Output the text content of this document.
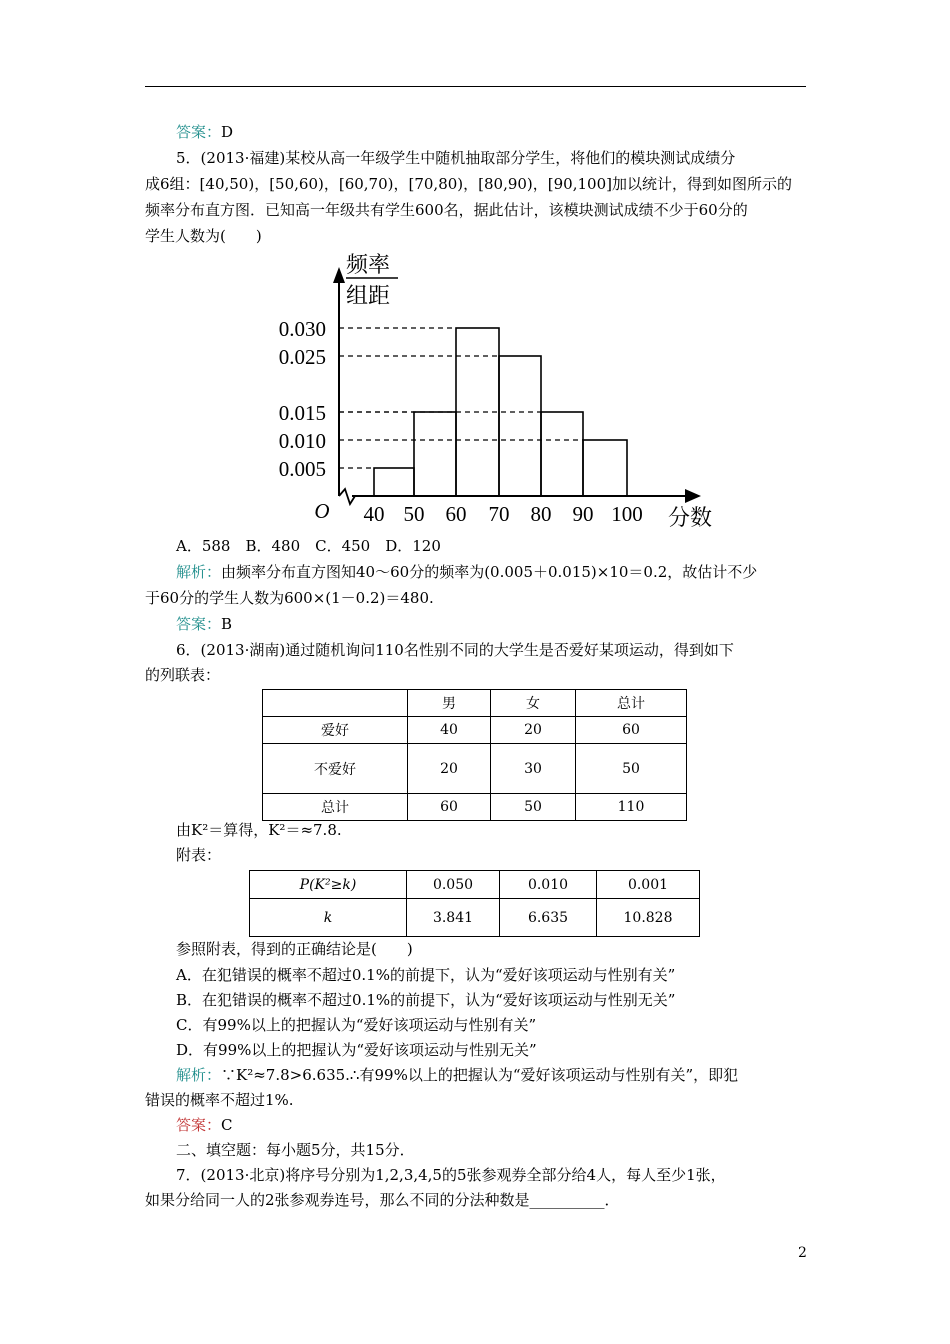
答案：D
5．(2013·福建)某校从高一年级学生中随机抽取部分学生，将他们的模块测试成绩分
成6组：[40,50)，[50,60)，[60,70)，[70,80)，[80,90)，[90,100]加以统计，得到如图所示的
频率分布直方图．已知高一年级共有学生600名，据此估计，该模块测试成绩不少于60分的
学生人数为(　　)
频率
组距
O	分数
0.005
0.010
0.015
0.025
0.030
40 50 60 70 80 90 100
A．588　B．480　C．450　D．120
解析：由频率分布直方图知40～60分的频率为(0.005＋0.015)×10＝0.2，故估计不少
于60分的学生人数为600×(1－0.2)＝480.
答案：B
6．(2013·湖南)通过随机询问110名性别不同的大学生是否爱好某项运动，得到如下
的列联表：
	男	女	总计
爱好	40	20	60
不爱好	20	30	50
总计	60	50	110
由K²＝算得，K²＝≈7.8.
附表：
P(K²≥k)	0.050	0.010	0.001
k	3.841	6.635	10.828
参照附表，得到的正确结论是(　　)
A．在犯错误的概率不超过0.1%的前提下，认为“爱好该项运动与性别有关”
B．在犯错误的概率不超过0.1%的前提下，认为“爱好该项运动与性别无关”
C．有99%以上的把握认为“爱好该项运动与性别有关”
D．有99%以上的把握认为“爱好该项运动与性别无关”
解析：∵K²≈7.8>6.635.∴有99%以上的把握认为“爱好该项运动与性别有关”，即犯
错误的概率不超过1%.
答案：C
二、填空题：每小题5分，共15分．
7．(2013·北京)将序号分别为1,2,3,4,5的5张参观券全部分给4人，每人至少1张，
如果分给同一人的2张参观券连号，那么不同的分法种数是__________．
2
